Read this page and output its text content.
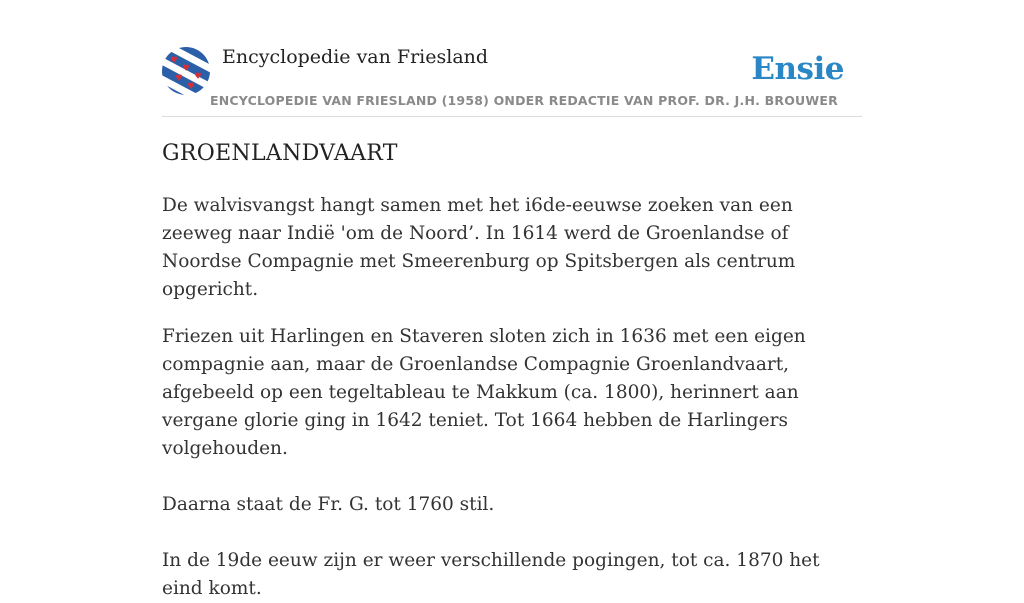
Encyclopedie van Friesland	Ensie
ENCYCLOPEDIE VAN FRIESLAND (1958) ONDER REDACTIE VAN PROF. DR. J.H. BROUWER
GROENLANDVAART

De walvisvangst hangt samen met het i6de-eeuwse zoeken van een zeeweg naar Indië 'om de Noord’. In 1614 werd de Groenlandse of Noordse Compagnie met Smeerenburg op Spitsbergen als centrum opgericht.

Friezen uit Harlingen en Staveren sloten zich in 1636 met een eigen compagnie aan, maar de Groenlandse Compagnie Groenlandvaart, afgebeeld op een tegeltableau te Makkum (ca. 1800), herinnert aan vergane glorie ging in 1642 teniet. Tot 1664 hebben de Harlingers volgehouden.

Daarna staat de Fr. G. tot 1760 stil.

In de 19de eeuw zijn er weer verschillende pogingen, tot ca. 1870 het eind komt.
